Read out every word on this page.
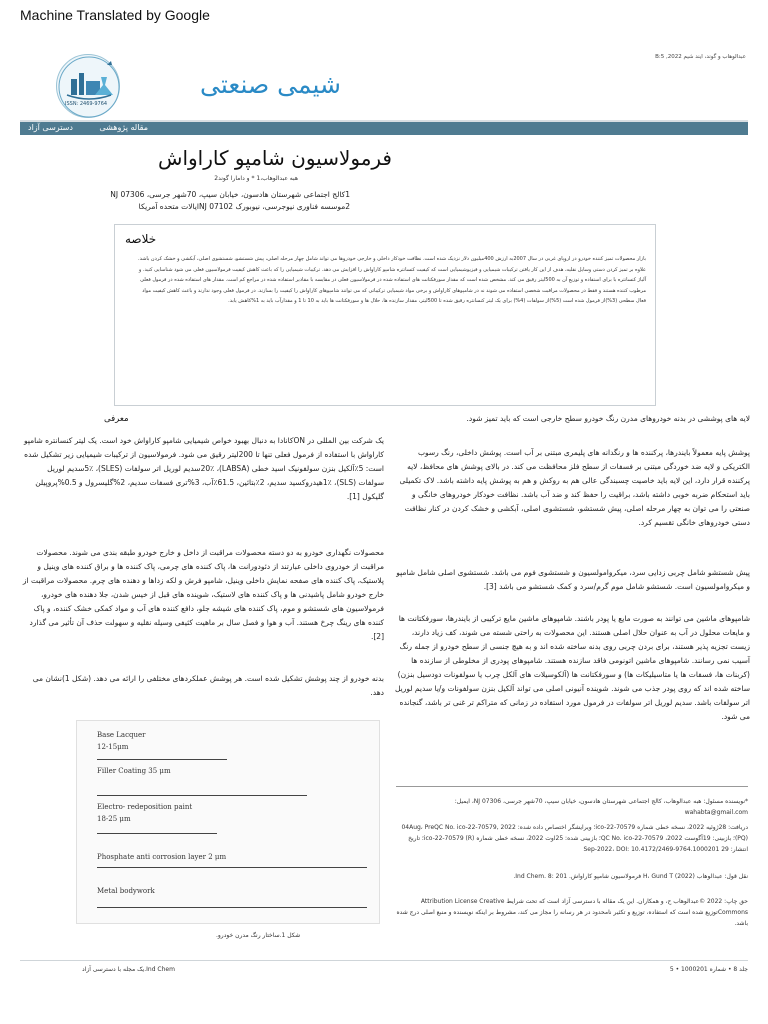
Machine Translated by Google
عبدالوهاب و گوند، ایند شیم B:5 ,2022
ISSN: 2469-9764
شیمی صنعتی
دسترسی آزاد	مقاله پژوهشی
فرمولاسیون شامپو کاراواش
هبه عبدالوهاب،1 * و دامارا گوند2
1کالج اجتماعی شهرستان هادسون، خیابان سیپ، 70شهر جرسی، NJ 07306
2موسسه فناوری نیوجرسی، نیوبورک 07102 NJایالات متحده آمریکا
خلاصه
بازار محصولات تمیز کننده خودرو در اروپای غربی در سال 2007به ارزش 400میلیون دلار نزدیک شده است. نظافت خودکار داخلی و خارجی خودروها می تواند شامل چهار مرحله اصلی، پیش شستشو، شستشوی اصلی، آبکشی و خشک کردن باشد. علاوه بر تمیز کردن دستی وسایل نقلیه، هدف از این کار یافتن ترکیبات شیمیایی و فیزیوشیمیایی است که کیفیت کنسانتره شامپو کاراواش را افزایش می دهد. ترکیبات شیمیایی را که باعث کاهش کیفیت فرمولاسیون فعلی می شود شناسایی کنید. و آلیاژ کنسانتره با برای استفاده و توزیع آن به 500لیتر رقیق می کند. مشخص شده است که مقدار سورفکتانت های استفاده شده در فرمولاسیون فعلی در مقایسه با مقادیر استفاده شده در مراجع کم است. مقدار های استفاده شده در فرمول فعلی مرطوب کننده هستند و فقط در محصولات مراقبت شخصی استفاده می شوند نه در شامپوهای کاراواش و برخی مواد شیمیایی ترکیباتی که می توانند شامپوهای کاراواش را کیفیت را بسازند. در فرمول فعلی وجود ندارند و باعث کاهش کیفیت مواد فعال سطحی (3%)از فرمول شده است (5%)از سولفات (4%) برای یک لیتر کنسانتره رقیق شده تا 500لیتر، مقدار سازنده ها، حلال ها و سورفکتانت ها باید به 10 تا 1 و مقدارآب باید به 1%کاهش یابد.
معرفی
یک شرکت بین المللی در ONکانادا به دنبال بهبود خواص شیمیایی شامپو کاراواش خود است. یک لیتر کنسانتره شامپو کاراواش با استفاده از فرمول فعلی تنها تا 200لیتر رقیق می شود. فرمولاسیون از ترکیبات شیمیایی زیر تشکیل شده است: 5٪آلکیل بنزن سولفونیک اسید خطی (LABSA)، 20٪سدیم لوریل اتر سولفات (SLES)، 5٪سدیم لوریل سولفات (SLS)، 1٪هیدروکسید سدیم، 2٪بتائین، 61.5٪آب، 3%تری فسفات سدیم، 2%گلیسرول و 0.5%پروپیلن گلیکول [1].
محصولات نگهداری خودرو به دو دسته محصولات مراقبت از داخل و خارج خودرو طبقه بندی می شوند. محصولات مراقبت از خودروی داخلی عبارتند از دئودورانت ها، پاک کننده های چرمی، پاک کننده ها و براق کننده های وینیل و پلاستیک، پاک کننده های صفحه نمایش داخلی وینیل، شامپو فرش و لکه زداها و دهنده های چرم. محصولات مراقبت از خارج خودرو شامل پاشیدنی ها و پاک کننده های لاستیک، شوینده های قبل از خیس شدن، جلا دهنده های خودرو، فرمولاسیون های شستشو و موم، پاک کننده های شیشه جلو، دافع کننده های آب و مواد کمکی خشک کننده، و پاک کننده های رینگ چرخ هستند. آب و هوا و فصل سال بر ماهیت کثیفی وسیله نقلیه و سهولت حذف آن تأثیر می گذارد [2].
بدنه خودرو از چند پوشش تشکیل شده است. هر پوشش عملکردهای مختلفی را ارائه می دهد. (شکل 1)نشان می دهد.
لایه های پوششی در بدنه خودروهای مدرن رنگ خودرو سطح خارجی است که باید تمیز شود.
پوشش پایه معمولاً بایندرها، پرکننده ها و رنگدانه های پلیمری مبتنی بر آب است. پوشش داخلی، رنگ رسوب الکتریکی و لایه ضد خوردگی مبتنی بر فسفات از سطح فلز محافظت می کند. در بالای پوشش های محافظ، لایه پرکننده قرار دارد، این لایه باید خاصیت چسبندگی عالی هم به روکش و هم به پوشش پایه داشته باشد. لاک تکمیلی باید استحکام ضربه خوبی داشته باشد، براقیت را حفظ کند و ضد آب باشد. نظافت خودکار خودروهای خانگی و صنعتی را می توان به چهار مرحله اصلی، پیش شستشو، شستشوی اصلی، آبکشی و خشک کردن در کنار نظافت دستی خودروهای خانگی تقسیم کرد.
پیش شستشو شامل چربی زدایی سرد، میکروامولسیون و شستشوی فوم می باشد. شستشوی اصلی شامل شامپو و میکروامولسیون است. شستشو شامل موم گرم/سرد و کمک شستشو می باشد [3].
شامپوهای ماشین می توانند به صورت مایع یا پودر باشند. شامپوهای ماشین مایع ترکیبی از بایندرها، سورفکتانت ها و مایعات محلول در آب به عنوان حلال اصلی هستند. این محصولات به راحتی شسته می شوند، کف زیاد دارند، زیست تجزیه پذیر هستند، برای بردن چربی روی بدنه ساخته شده اند و به هیچ جنسی از سطح خودرو از جمله رنگ آسیب نمی رسانند. شامپوهای ماشین اتونومی فاقد سازنده هستند. شامپوهای پودری از مخلوطی از سازنده ها (کربنات ها، فسفات ها یا متاسیلیکات ها) و سورفکتانت ها (آلکوسیلات های آلکل چرب یا سولفونات دودسیل بنزن) ساخته شده اند که روی پودر جذب می شوند. شوینده آنیونی اصلی می تواند آلکیل بنزن سولفونات و/یا سدیم لوریل اتر سولفات باشد. سدیم لوریل اتر سولفات در فرمول مورد استفاده در زمانی که متراکم تر غنی تر باشد، گنجانده می شود.
Base Lacquer
12-15μm
Filler Coating 35 μm
Electro- redeposition paint
18-25 μm
Phosphate anti corrosion layer 2 μm
Metal bodywork
شکل 1.ساختار رنگ مدرن خودرو.
*نویسنده مسئول: هبه عبدالوهاب، کالج اجتماعی شهرستان هادسون، خیابان سیپ، 70شهر جرسی، NJ 07306، ایمیل: wahabta@gmail.com
دریافت: 28ژوئیه 2022، نسخه خطی شماره ico-22-70579؛ ویرایشگر اختصاص داده شده: 2022 ,04Aug، PreQC No. ico-22-70579 (PQ)؛ بازبینی: 19آگوست 2022، QC No. ico-22-70579؛ بازبینی شده: 25اوت 2022، نسخه خطی شماره ico-22-70579 (R)؛ تاریخ انتشار: 29 Sep-2022، DOI: 10.4172/2469-9764.1000201
نقل قول: عبدالوهاب H، Gund T (2022) فرمولاسیون شامپو کاراواش. Ind Chem. 8: 201.
حق چاپ: 2022 ©عبدالوهاب ح، و همکاران. این یک مقاله با دسترسی آزاد است که تحت شرایط Attribution License Creative Commonsتوزیع شده است که استفاده، توزیع و تکثیر نامحدود در هر رسانه را مجاز می کند، مشروط بر اینکه نویسنده و منبع اصلی درج شده باشد.
Ind Chem.یک مجله با دسترسی آزاد	جلد 8 • شماره 1000201 • 5
